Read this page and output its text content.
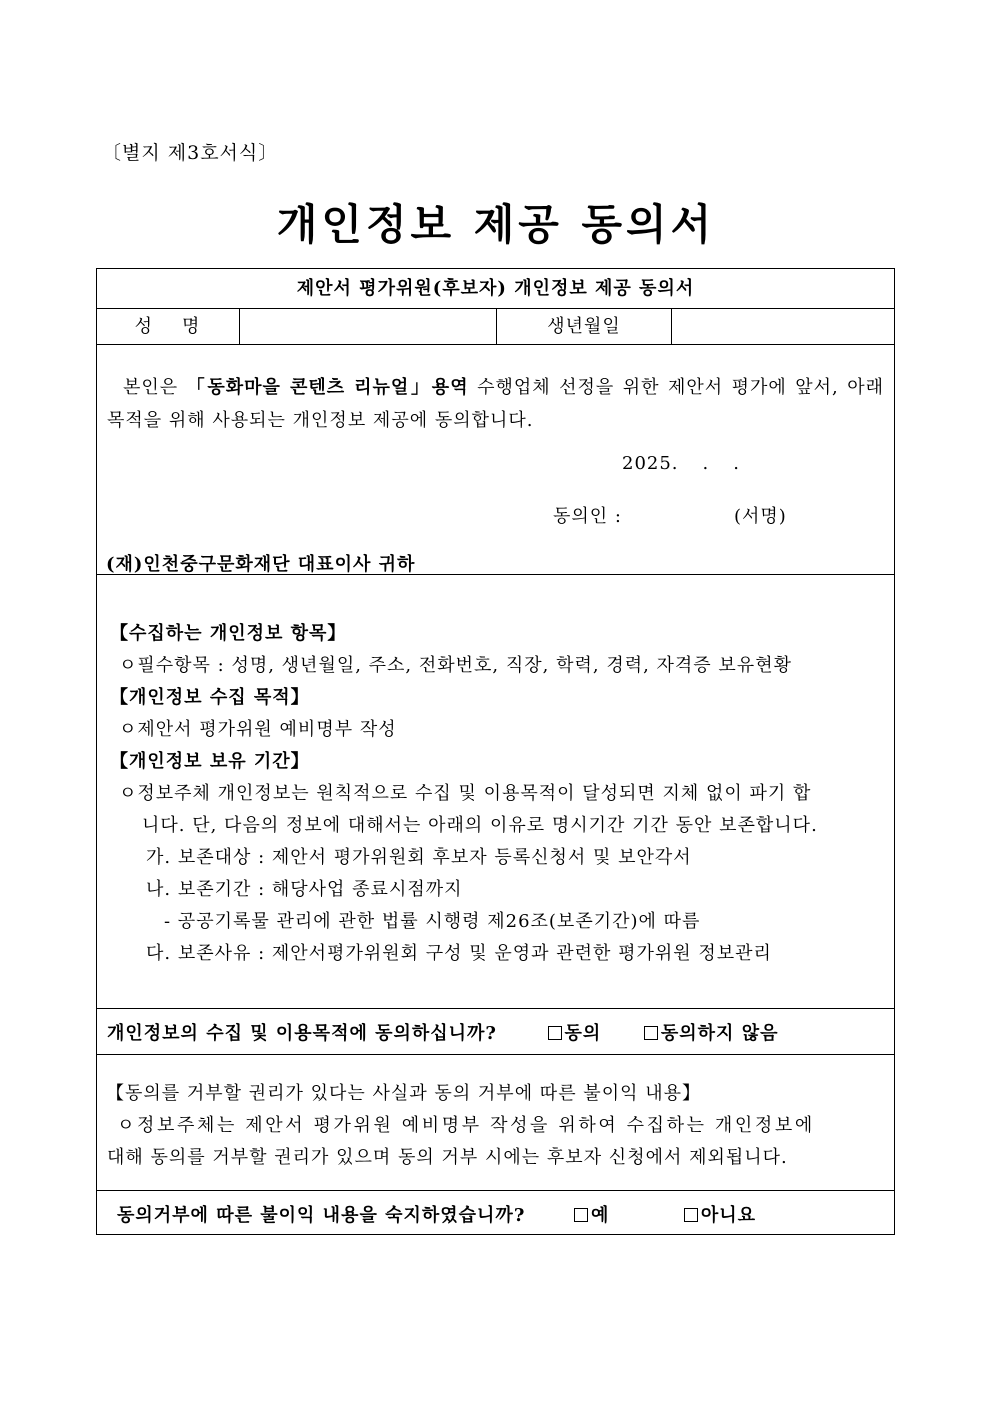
〔별지 제3호서식〕
개인정보 제공 동의서
제안서 평가위원(후보자) 개인정보 제공 동의서
성명	생년월일
본인은 「동화마을 콘텐츠 리뉴얼」용역 수행업체 선정을 위한 제안서 평가에 앞서, 아래 목적을 위해 사용되는 개인정보 제공에 동의합니다.
2025. . .
동의인 :	(서명)
(재)인천중구문화재단 대표이사 귀하
【수집하는 개인정보 항목】
ㅇ필수항목 : 성명, 생년월일, 주소, 전화번호, 직장, 학력, 경력, 자격증 보유현황
【개인정보 수집 목적】
ㅇ제안서 평가위원 예비명부 작성
【개인정보 보유 기간】
ㅇ정보주체 개인정보는 원칙적으로 수집 및 이용목적이 달성되면 지체 없이 파기 합
니다. 단, 다음의 정보에 대해서는 아래의 이유로 명시기간 기간 동안 보존합니다.
가. 보존대상 : 제안서 평가위원회 후보자 등록신청서 및 보안각서
나. 보존기간 : 해당사업 종료시점까지
- 공공기록물 관리에 관한 법률 시행령 제26조(보존기간)에 따름
다. 보존사유 : 제안서평가위원회 구성 및 운영과 관련한 평가위원 정보관리
개인정보의 수집 및 이용목적에 동의하십니까?	동의	동의하지 않음
【동의를 거부할 권리가 있다는 사실과 동의 거부에 따른 불이익 내용】
ㅇ정보주체는 제안서 평가위원 예비명부 작성을 위하여 수집하는 개인정보에
대해 동의를 거부할 권리가 있으며 동의 거부 시에는 후보자 신청에서 제외됩니다.
동의거부에 따른 불이익 내용을 숙지하였습니까?	예	아니요
